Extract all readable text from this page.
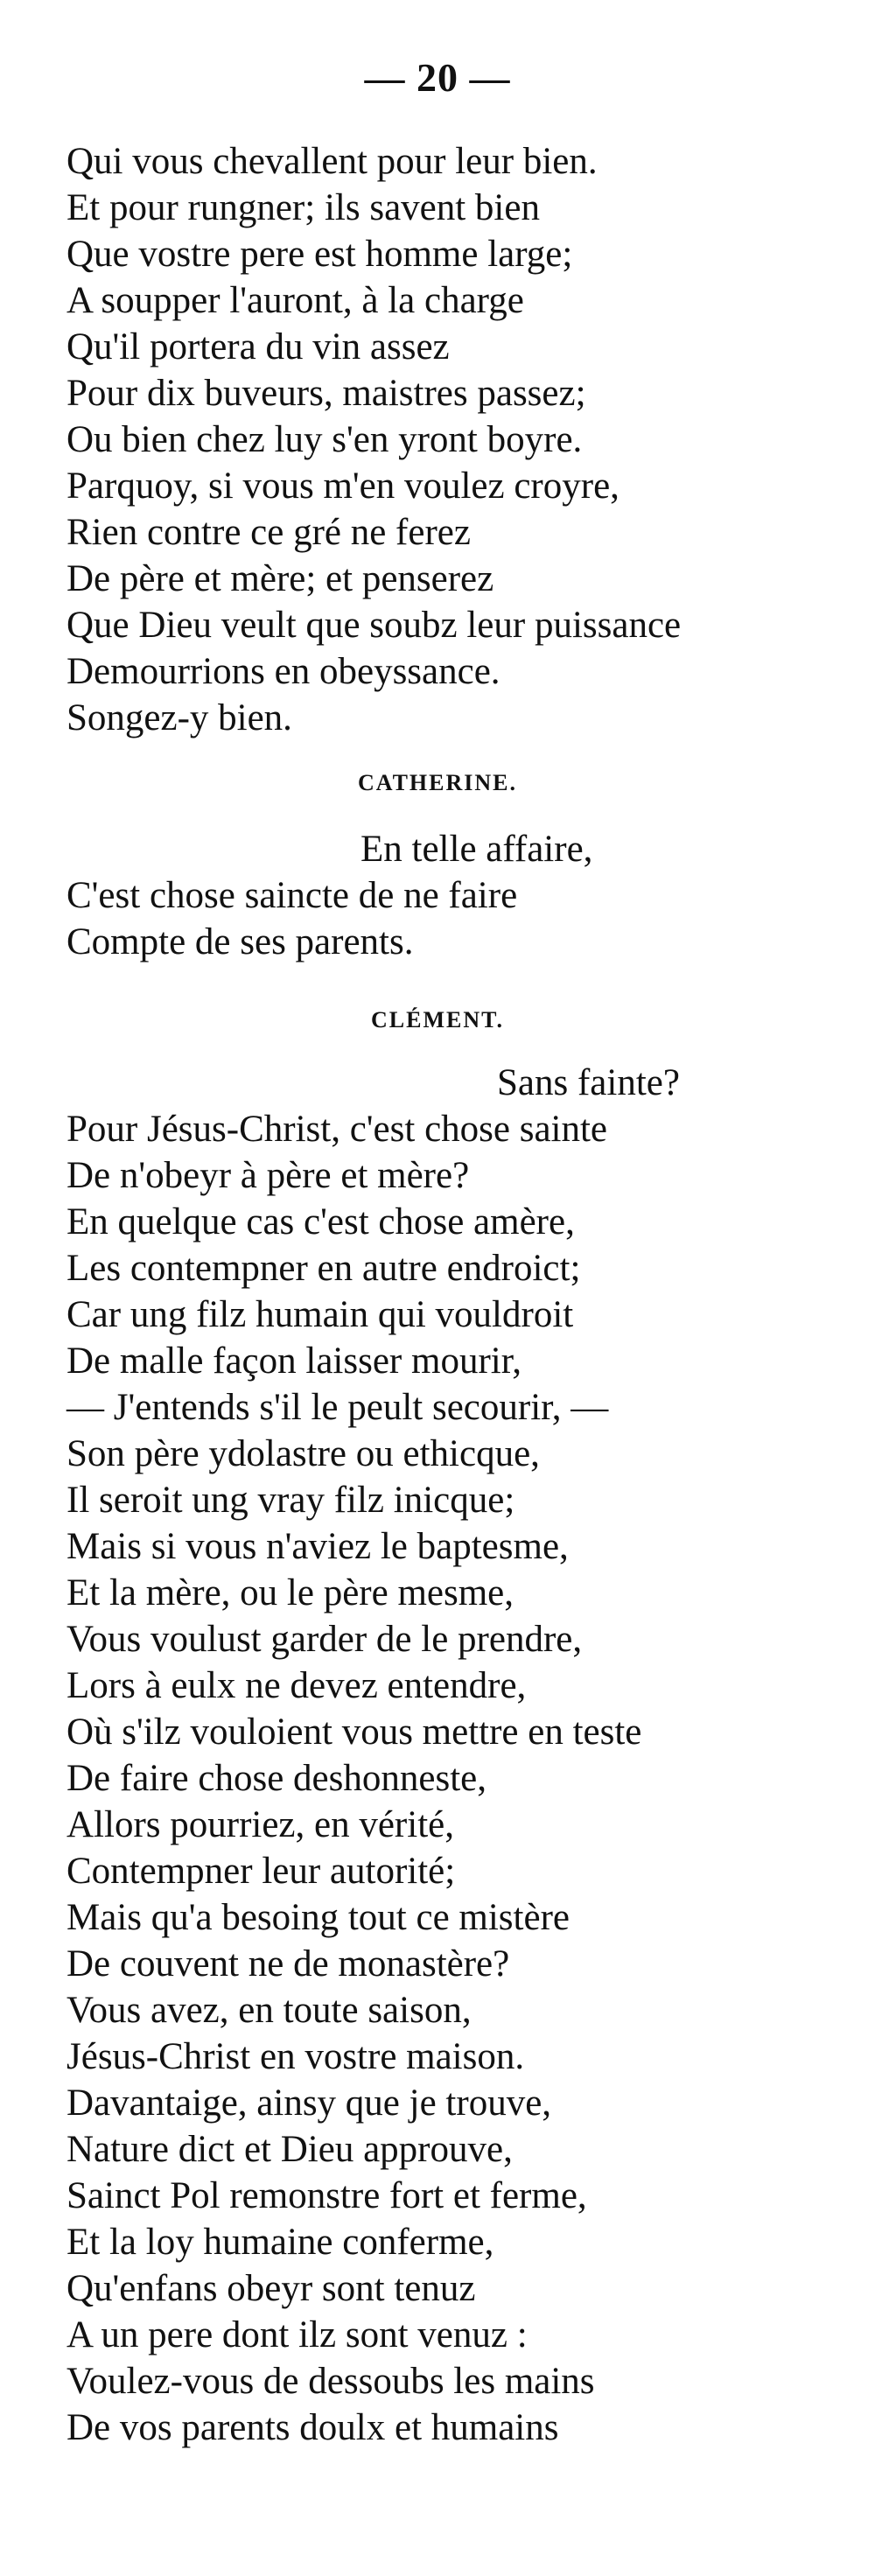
— 20 —
Qui vous chevallent pour leur bien.
Et pour rungner; ils savent bien
Que vostre pere est homme large;
A soupper l'auront, à la charge
Qu'il portera du vin assez
Pour dix buveurs, maistres passez;
Ou bien chez luy s'en yront boyre.
Parquoy, si vous m'en voulez croyre,
Rien contre ce gré ne ferez
De père et mère; et penserez
Que Dieu veult que soubz leur puissance
Demourrions en obeyssance.
Songez-y bien.
CATHERINE.
En telle affaire,
C'est chose saincte de ne faire
Compte de ses parents.
CLÉMENT.
Sans fainte?
Pour Jésus-Christ, c'est chose sainte
De n'obeyr à père et mère?
En quelque cas c'est chose amère,
Les contempner en autre endroict;
Car ung filz humain qui vouldroit
De malle façon laisser mourir,
— J'entends s'il le peult secourir, —
Son père ydolastre ou ethicque,
Il seroit ung vray filz inicque;
Mais si vous n'aviez le baptesme,
Et la mère, ou le père mesme,
Vous voulust garder de le prendre,
Lors à eulx ne devez entendre,
Où s'ilz vouloient vous mettre en teste
De faire chose deshonneste,
Allors pourriez, en vérité,
Contempner leur autorité;
Mais qu'a besoing tout ce mistère
De couvent ne de monastère?
Vous avez, en toute saison,
Jésus-Christ en vostre maison.
Davantaige, ainsy que je trouve,
Nature dict et Dieu approuve,
Sainct Pol remonstre fort et ferme,
Et la loy humaine conferme,
Qu'enfans obeyr sont tenuz
A un pere dont ilz sont venuz :
Voulez-vous de dessoubs les mains
De vos parents doulx et humains
